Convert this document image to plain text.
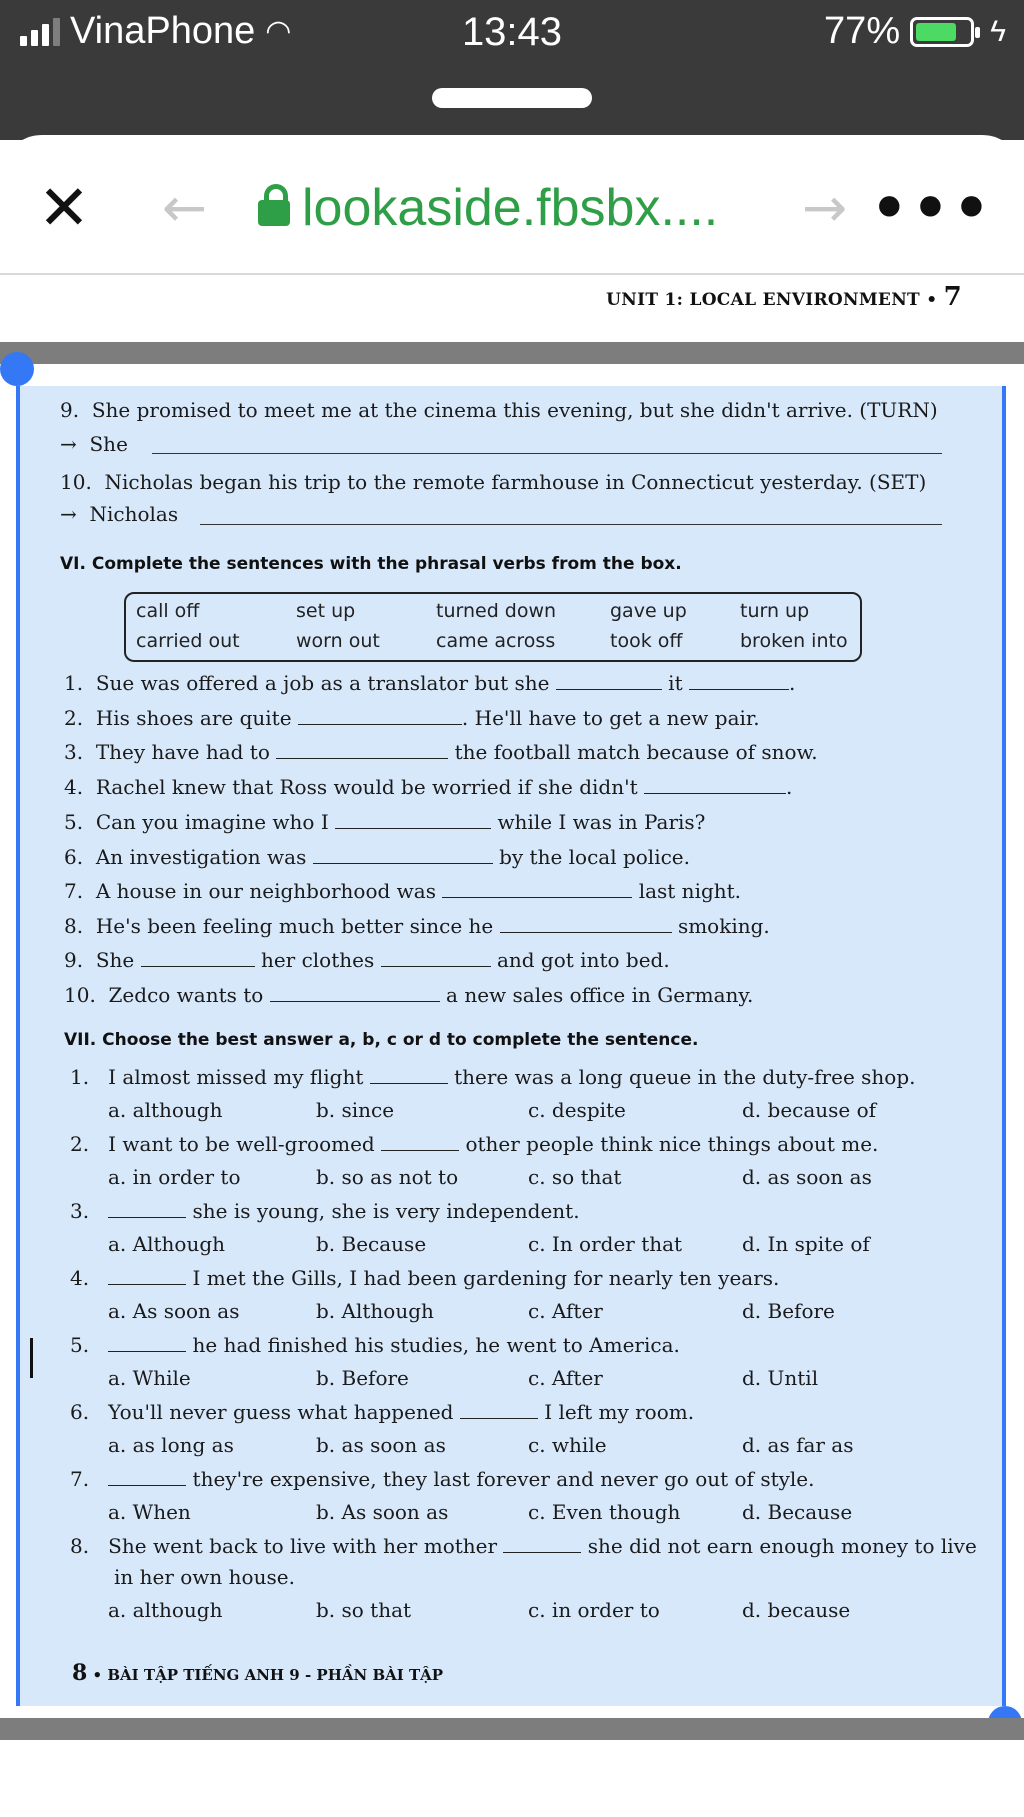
VinaPhone ◠	13:43	77%	ϟ
✕ ← lookaside.fbsbx.... → •••
UNIT 1: LOCAL ENVIRONMENT • 7
9. She promised to meet me at the cinema this evening, but she didn't arrive. (TURN)
→ She
10. Nicholas began his trip to the remote farmhouse in Connecticut yesterday. (SET)
→ Nicholas
VI. Complete the sentences with the phrasal verbs from the box.
call off	set up	turned down	gave up	turn up
carried out	worn out	came across	took off	broken into
1. Sue was offered a job as a translator but she	it	.
2. His shoes are quite	. He'll have to get a new pair.
3. They have had to	the football match because of snow.
4. Rachel knew that Ross would be worried if she didn't	.
5. Can you imagine who I	while I was in Paris?
6. An investigation was	by the local police.
7. A house in our neighborhood was	last night.
8. He's been feeling much better since he	smoking.
9. She	her clothes	and got into bed.
10. Zedco wants to	a new sales office in Germany.
VII. Choose the best answer a, b, c or d to complete the sentence.
1. I almost missed my flight	there was a long queue in the duty-free shop.
a. although	b. since	c. despite	d. because of
2. I want to be well-groomed	other people think nice things about me.
a. in order to	b. so as not to	c. so that	d. as soon as
3.	she is young, she is very independent.
a. Although	b. Because	c. In order that	d. In spite of
4.	I met the Gills, I had been gardening for nearly ten years.
a. As soon as	b. Although	c. After	d. Before
5.	he had finished his studies, he went to America.
a. While	b. Before	c. After	d. Until
6. You'll never guess what happened	I left my room.
a. as long as	b. as soon as	c. while	d. as far as
7.	they're expensive, they last forever and never go out of style.
a. When	b. As soon as	c. Even though	d. Because
8. She went back to live with her mother	she did not earn enough money to live
in her own house.
a. although	b. so that	c. in order to	d. because
8 • BÀI TẬP TIẾNG ANH 9 - PHẦN BÀI TẬP
